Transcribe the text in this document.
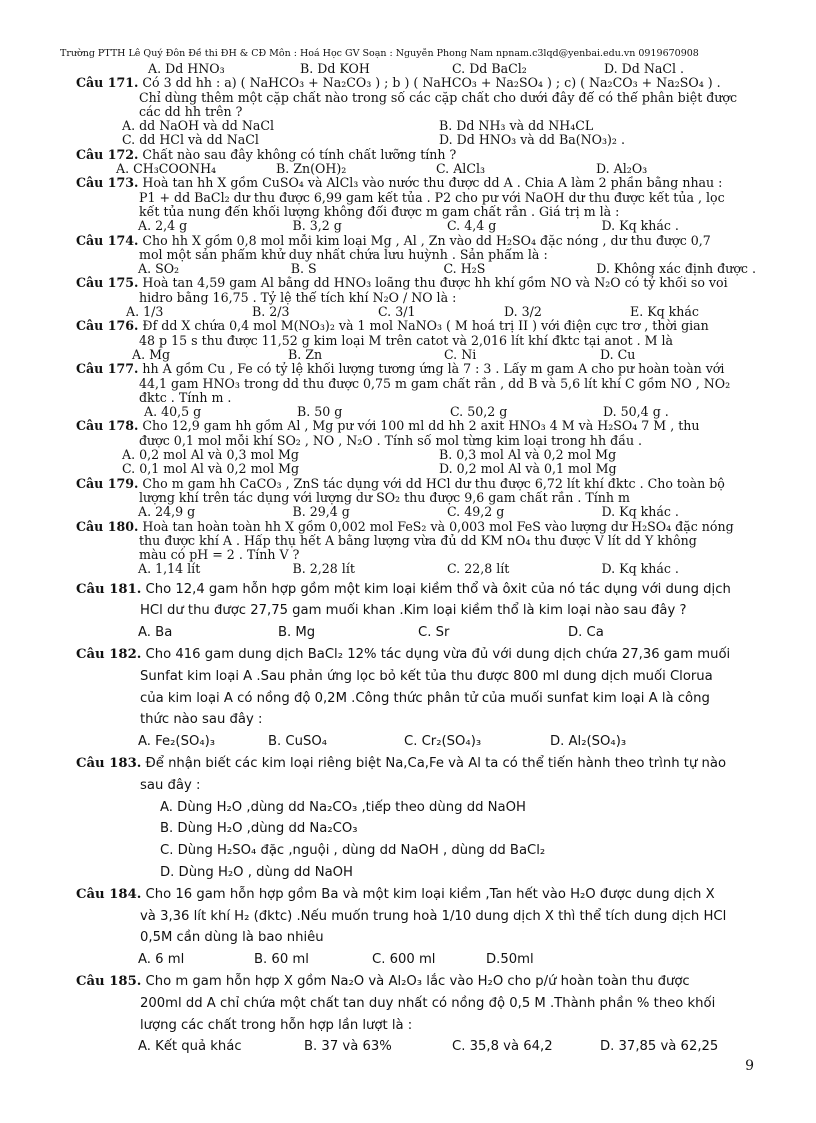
Trường PTTH Lê Quý Đôn Đề thi ĐH & CĐ Môn : Hoá Học GV Soạn : Nguyễn Phong Nam npnam.c3lqd@yenbai.edu.vn 0919670908
A. Dd HNO₃	B. Dd KOH	C. Dd BaCl₂	D. Dd NaCl .
Câu 171. Có 3 dd hh : a) ( NaHCO₃ + Na₂CO₃ ) ; b ) ( NaHCO₃ + Na₂SO₄ ) ; c) ( Na₂CO₃ + Na₂SO₄ ) .
Chỉ dùng thêm một cặp chất nào trong số các cặp chất cho dưới đây để có thể phân biệt được
các dd hh trên ?
A. dd NaOH và dd NaCl	B. Dd NH₃ và dd NH₄CL
C. dd HCl và dd NaCl	D. Dd HNO₃ và dd Ba(NO₃)₂ .
Câu 172. Chất nào sau đây không có tính chất lưỡng tính ?
A. CH₃COONH₄	B. Zn(OH)₂	C. AlCl₃	D. Al₂O₃
Câu 173. Hoà tan hh X gồm CuSO₄ và AlCl₃ vào nước thu được dd A . Chia A làm 2 phần bằng nhau :
P1 + dd BaCl₂ dư thu được 6,99 gam kết tủa . P2 cho pư với NaOH dư thu được kết tủa , lọc
kết tủa nung đến khối lượng không đổi được m gam chất rắn . Giá trị m là :
A. 2,4 g	B. 3,2 g	C. 4,4 g	D. Kq khác .
Câu 174. Cho hh X gồm 0,8 mol mỗi kim loại Mg , Al , Zn vào dd H₂SO₄ đặc nóng , dư thu được 0,7
mol một sản phẩm khử duy nhất chứa lưu huỳnh . Sản phẩm là :
A. SO₂	B. S	C. H₂S	D. Không xác định được .
Câu 175. Hoà tan 4,59 gam Al bằng dd HNO₃ loãng thu được hh khí gồm NO và N₂O có tỷ khối so voi
hidro bằng 16,75 . Tỷ lệ thể tích khí N₂O / NO là :
A. 1/3	B. 2/3	C. 3/1	D. 3/2	E. Kq khác
Câu 176. Đf dd X chứa 0,4 mol M(NO₃)₂ và 1 mol NaNO₃ ( M hoá trị II ) với điện cực trơ , thời gian
48 p 15 s thu được 11,52 g kim loại M trên catot và 2,016 lít khí đktc tại anot . M là
A. Mg	B. Zn	C. Ni	D. Cu
Câu 177. hh A gồm Cu , Fe có tỷ lệ khối lượng tương ứng là 7 : 3 . Lấy m gam A cho pư hoàn toàn với
44,1 gam HNO₃ trong dd thu được 0,75 m gam chất rắn , dd B và 5,6 lít khí C gồm NO , NO₂
đktc . Tính m .
A. 40,5 g	B. 50 g	C. 50,2 g	D. 50,4 g .
Câu 178. Cho 12,9 gam hh gồm Al , Mg pư với 100 ml dd hh 2 axit HNO₃ 4 M và H₂SO₄ 7 M , thu
được 0,1 mol mỗi khí SO₂ , NO , N₂O . Tính số mol từng kim loại trong hh đầu .
A. 0,2 mol Al và 0,3 mol Mg	B. 0,3 mol Al và 0,2 mol Mg
C. 0,1 mol Al và 0,2 mol Mg	D. 0,2 mol Al và 0,1 mol Mg
Câu 179. Cho m gam hh CaCO₃ , ZnS tác dụng với dd HCl dư thu được 6,72 lít khí đktc . Cho toàn bộ
lượng khí trên tác dụng với lượng dư SO₂ thu được 9,6 gam chất rắn . Tính m
A. 24,9 g	B. 29,4 g	C. 49,2 g	D. Kq khác .
Câu 180. Hoà tan hoàn toàn hh X gồm 0,002 mol FeS₂ và 0,003 mol FeS vào lượng dư H₂SO₄ đặc nóng
thu được khí A . Hấp thụ hết A bằng lượng vừa đủ dd KM nO₄ thu được V lít dd Y không
màu có pH = 2 . Tính V ?
A. 1,14 lít	B. 2,28 lít	C. 22,8 lít	D. Kq khác .
Câu 181. Cho 12,4 gam hỗn hợp gồm một kim loại kiềm thổ và ôxit của nó tác dụng với dung dịch
HCl dư thu được 27,75 gam muối khan .Kim loại kiềm thổ là kim loại nào sau đây ?
A. Ba	B. Mg	C. Sr	D. Ca
Câu 182. Cho 416 gam dung dịch BaCl₂ 12% tác dụng vừa đủ với dung dịch chứa 27,36 gam muối
Sunfat kim loại A .Sau phản ứng lọc bỏ kết tủa thu được 800 ml dung dịch muối Clorua
của kim loại A có nồng độ 0,2M .Công thức phân tử của muối sunfat kim loại A là công
thức nào sau đây :
A. Fe₂(SO₄)₃	B. CuSO₄	C. Cr₂(SO₄)₃	D. Al₂(SO₄)₃
Câu 183. Để nhận biết các kim loại riêng biệt Na,Ca,Fe và Al ta có thể tiến hành theo trình tự nào
sau đây :
A. Dùng H₂O ,dùng dd Na₂CO₃ ,tiếp theo dùng dd NaOH
B. Dùng H₂O ,dùng dd Na₂CO₃
C. Dùng H₂SO₄ đặc ,nguội , dùng dd NaOH , dùng dd BaCl₂
D. Dùng H₂O , dùng dd NaOH
Câu 184. Cho 16 gam hỗn hợp gồm Ba và một kim loại kiềm ,Tan hết vào H₂O được dung dịch X
và 3,36 lít khí H₂ (đktc) .Nếu muốn trung hoà 1/10 dung dịch X thì thể tích dung dịch HCl
0,5M cần dùng là bao nhiêu
A. 6 ml	B. 60 ml	C. 600 ml	D.50ml
Câu 185. Cho m gam hỗn hợp X gồm Na₂O và Al₂O₃ lắc vào H₂O cho p/ứ hoàn toàn thu được
200ml dd A chỉ chứa một chất tan duy nhất có nồng độ 0,5 M .Thành phần % theo khối
lượng các chất trong hỗn hợp lần lượt là :
A. Kết quả khác	B. 37 và 63%	C. 35,8 và 64,2	D. 37,85 và 62,25
9
